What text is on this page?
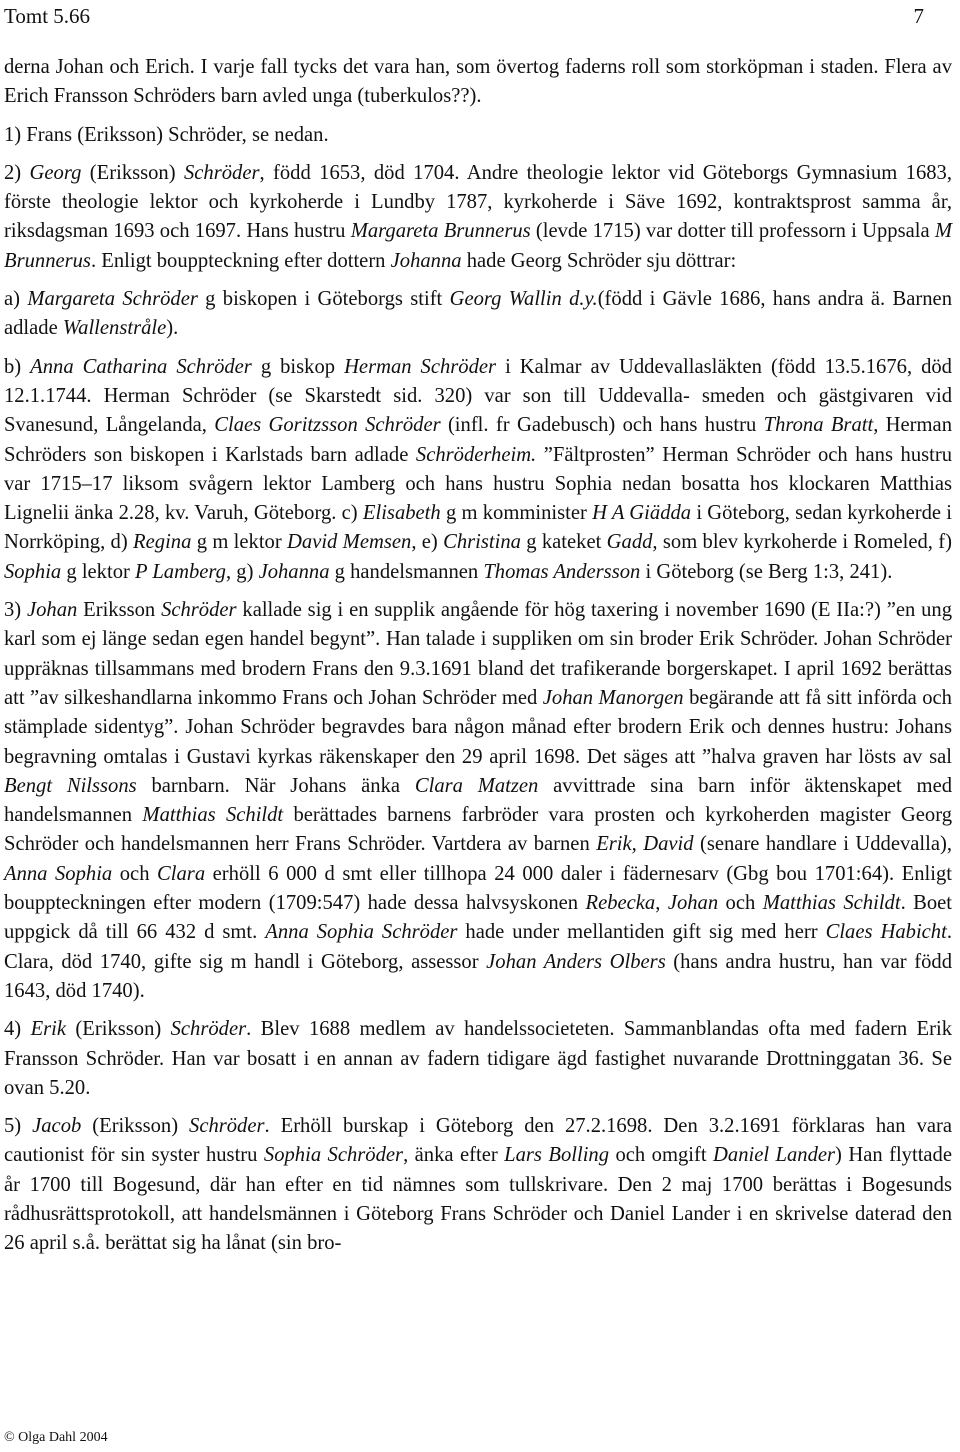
Tomt 5.66	7

derna Johan och Erich. I varje fall tycks det vara han, som övertog faderns roll som storköpman i staden. Flera av Erich Fransson Schröders barn avled unga (tuberkulos??).

1) Frans (Eriksson) Schröder, se nedan.

2) Georg (Eriksson) Schröder, född 1653, död 1704. Andre theologie lektor vid Göteborgs Gymnasium 1683, förste theologie lektor och kyrkoherde i Lundby 1787, kyrkoherde i Säve 1692, kontraktsprost samma år, riksdagsman 1693 och 1697. Hans hustru Margareta Brunnerus (levde 1715) var dotter till professorn i Uppsala M Brunnerus. Enligt bouppteckning efter dottern Johanna hade Georg Schröder sju döttrar:

a) Margareta Schröder g biskopen i Göteborgs stift Georg Wallin d.y.(född i Gävle 1686, hans andra ä. Barnen adlade Wallenstråle).

b) Anna Catharina Schröder g biskop Herman Schröder i Kalmar av Uddevallasläkten (född 13.5.1676, död 12.1.1744. Herman Schröder (se Skarstedt sid. 320) var son till Uddevalla- smeden och gästgivaren vid Svanesund, Långelanda, Claes Goritzsson Schröder (infl. fr Gadebusch) och hans hustru Throna Bratt, Herman Schröders son biskopen i Karlstads barn adlade Schröderheim. ”Fältprosten” Herman Schröder och hans hustru var 1715–17 liksom svågern lektor Lamberg och hans hustru Sophia nedan bosatta hos klockaren Matthias Lignelii änka 2.28, kv. Varuh, Göteborg. c) Elisabeth g m komminister H A Giädda i Göteborg, sedan kyrkoherde i Norrköping, d) Regina g m lektor David Memsen, e) Christina g kateket Gadd, som blev kyrkoherde i Romeled, f) Sophia g lektor P Lamberg, g) Johanna g handelsmannen Thomas Andersson i Göteborg (se Berg 1:3, 241).

3) Johan Eriksson Schröder kallade sig i en supplik angående för hög taxering i november 1690 (E IIa:?) ”en ung karl som ej länge sedan egen handel begynt”. Han talade i suppliken om sin broder Erik Schröder. Johan Schröder uppräknas tillsammans med brodern Frans den 9.3.1691 bland det trafikerande borgerskapet. I april 1692 berättas att ”av silkeshandlarna inkommo Frans och Johan Schröder med Johan Manorgen begärande att få sitt införda och stämplade sidentyg”. Johan Schröder begravdes bara någon månad efter brodern Erik och dennes hustru: Johans begravning omtalas i Gustavi kyrkas räkenskaper den 29 april 1698. Det säges att ”halva graven har lösts av sal Bengt Nilssons barnbarn. När Johans änka Clara Matzen avvittrade sina barn inför äktenskapet med handelsmannen Matthias Schildt berättades barnens farbröder vara prosten och kyrkoherden magister Georg Schröder och handelsmannen herr Frans Schröder. Vartdera av barnen Erik, David (senare handlare i Uddevalla), Anna Sophia och Clara erhöll 6 000 d smt eller tillhopa 24 000 daler i fädernesarv (Gbg bou 1701:64). Enligt bouppteckningen efter modern (1709:547) hade dessa halvsyskonen Rebecka, Johan och Matthias Schildt. Boet uppgick då till 66 432 d smt. Anna Sophia Schröder hade under mellantiden gift sig med herr Claes Habicht. Clara, död 1740, gifte sig m handl i Göteborg, assessor Johan Anders Olbers (hans andra hustru, han var född 1643, död 1740).

4) Erik (Eriksson) Schröder. Blev 1688 medlem av handelssocieteten. Sammanblandas ofta med fadern Erik Fransson Schröder. Han var bosatt i en annan av fadern tidigare ägd fastighet nuvarande Drottninggatan 36. Se ovan 5.20.

5) Jacob (Eriksson) Schröder. Erhöll burskap i Göteborg den 27.2.1698. Den 3.2.1691 förklaras han vara cautionist för sin syster hustru Sophia Schröder, änka efter Lars Bolling och omgift Daniel Lander) Han flyttade år 1700 till Bogesund, där han efter en tid nämnes som tullskrivare. Den 2 maj 1700 berättas i Bogesunds rådhusrättsprotokoll, att handelsmännen i Göteborg Frans Schröder och Daniel Lander i en skrivelse daterad den 26 april s.å. berättat sig ha lånat (sin bro-

© Olga Dahl 2004
